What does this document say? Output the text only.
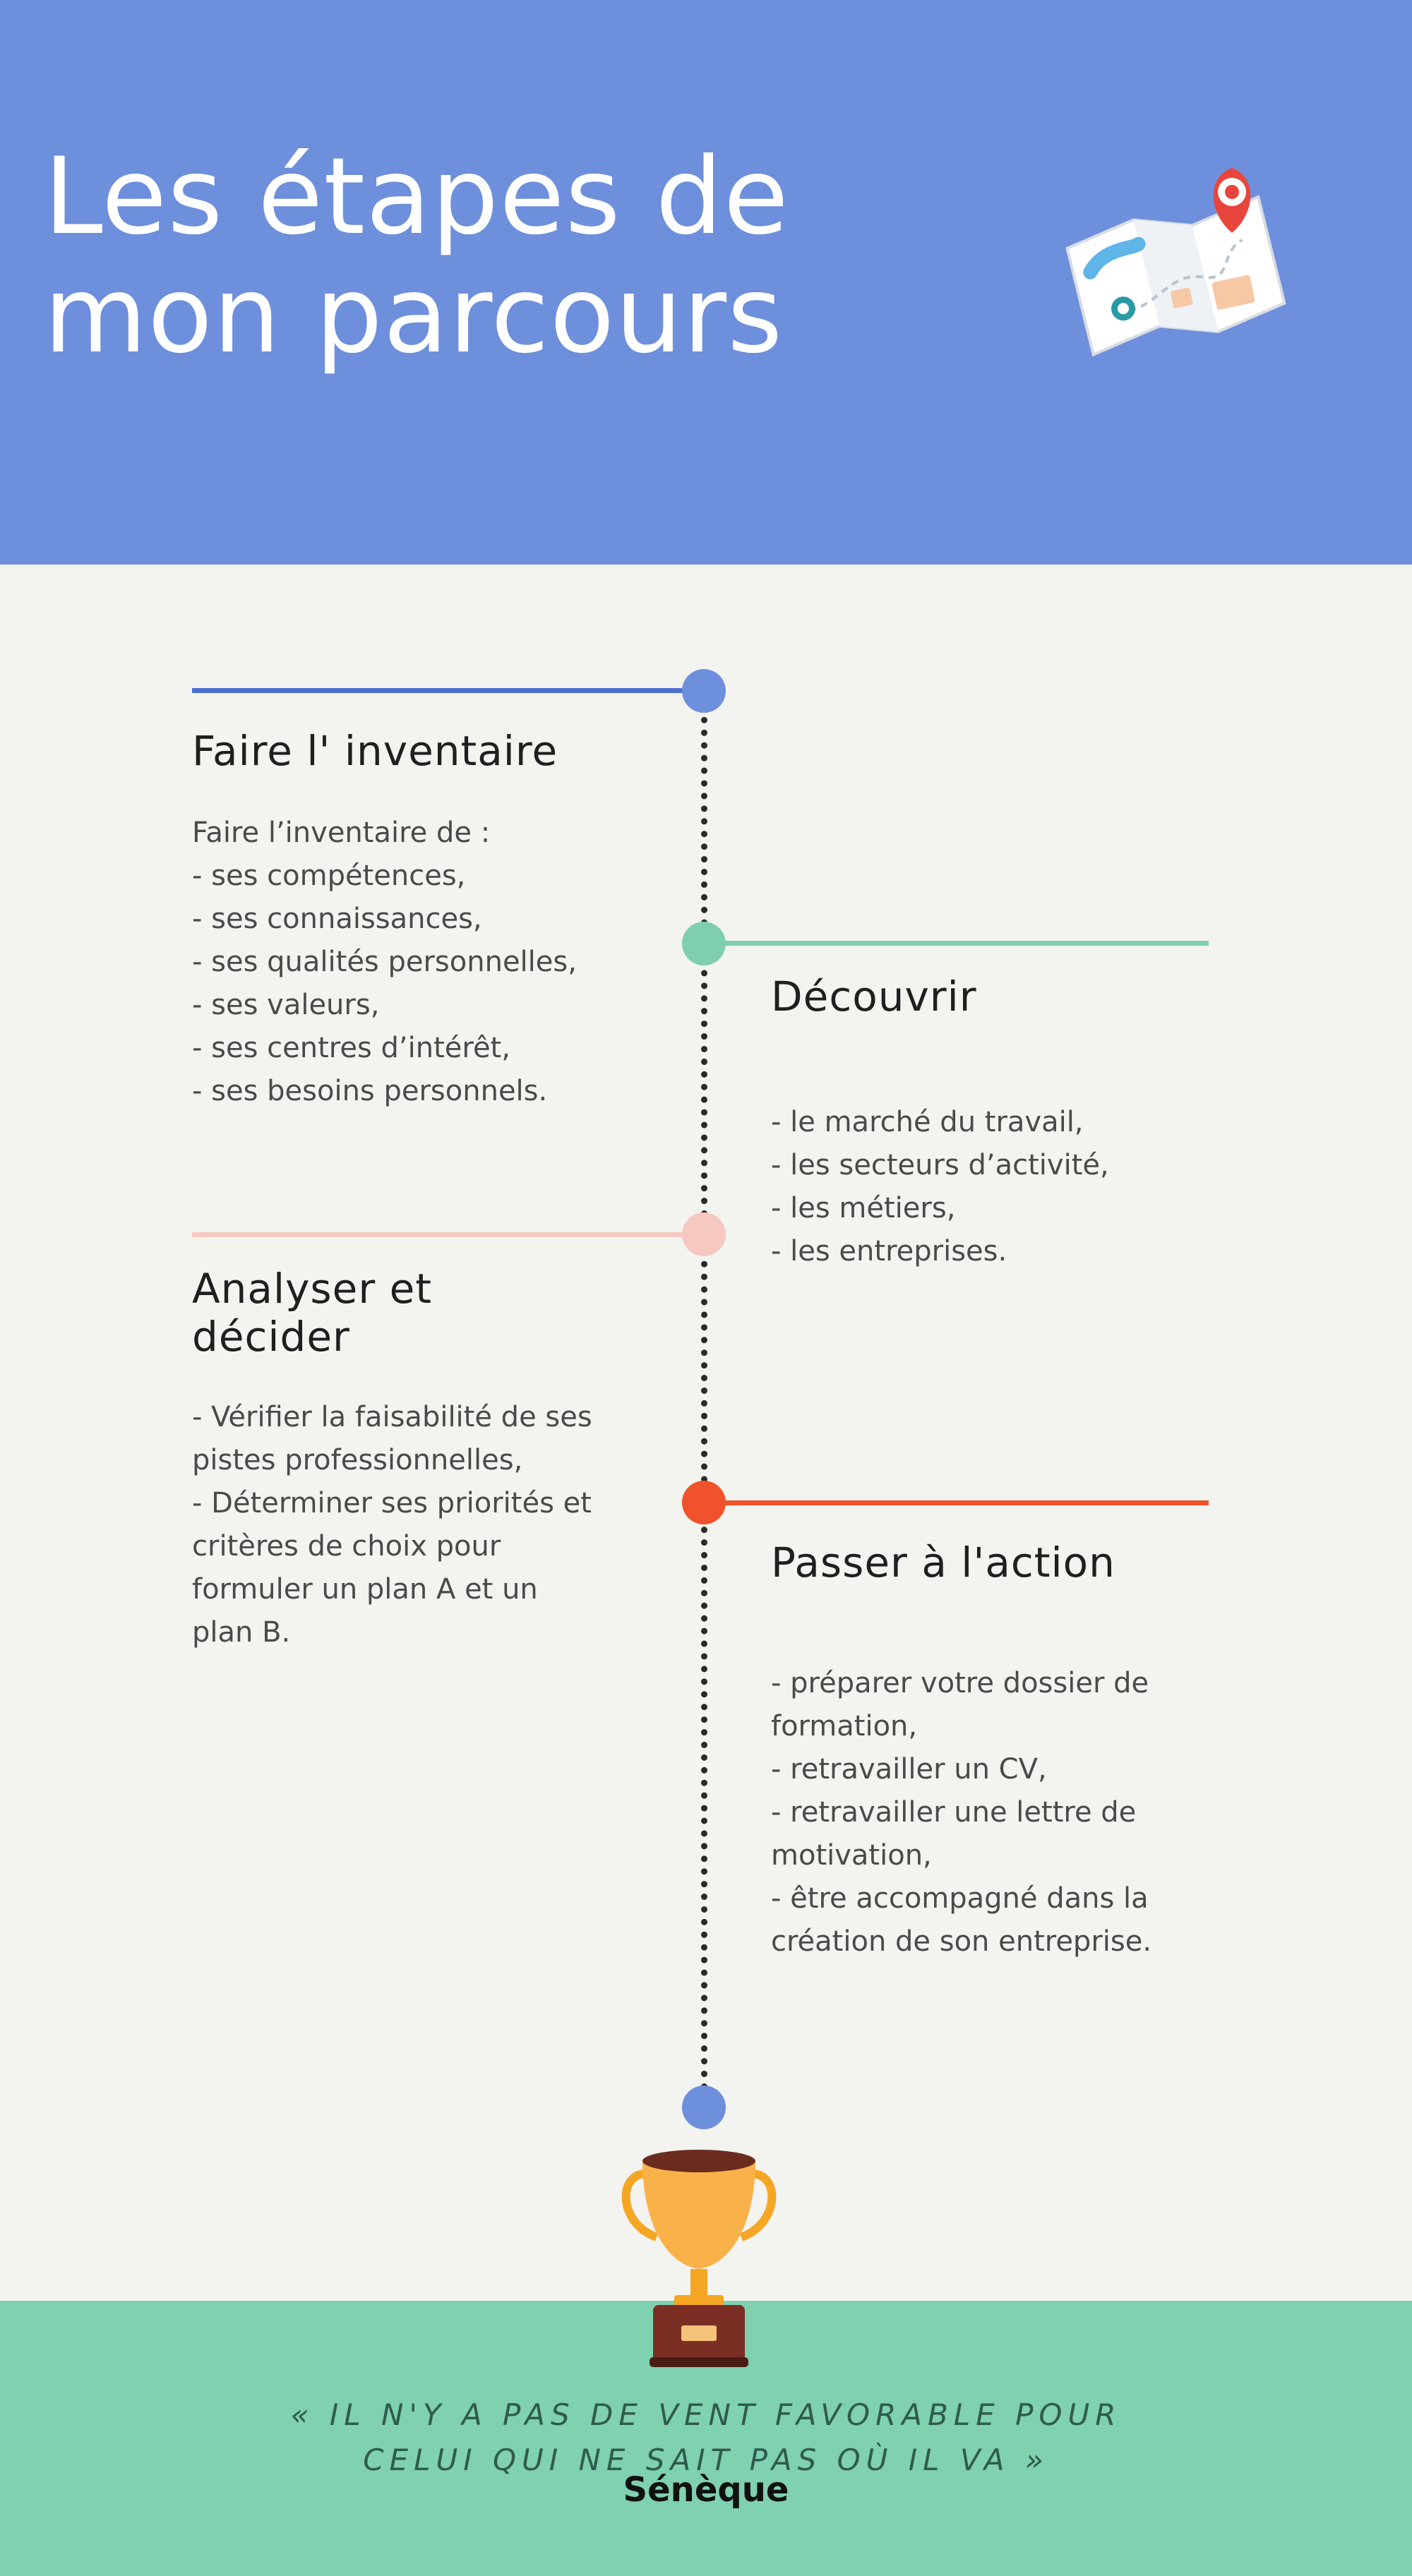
Les étapes de
mon parcours
Faire l' inventaire
Faire l’inventaire de :
- ses compétences,
- ses connaissances,
- ses qualités personnelles,
- ses valeurs,
- ses centres d’intérêt,
- ses besoins personnels.
Découvrir
- le marché du travail,
- les secteurs d’activité,
- les métiers,
- les entreprises.
Analyser et
décider
- Vérifier la faisabilité de ses
pistes professionnelles,
- Déterminer ses priorités et
critères de choix pour
formuler un plan A et un
plan B.
Passer à l'action
- préparer votre dossier de
formation,
- retravailler un CV,
- retravailler une lettre de
motivation,
- être accompagné dans la
création de son entreprise.
« IL N'Y A PAS DE VENT FAVORABLE POUR
CELUI QUI NE SAIT PAS OÙ IL VA »
Sénèque
